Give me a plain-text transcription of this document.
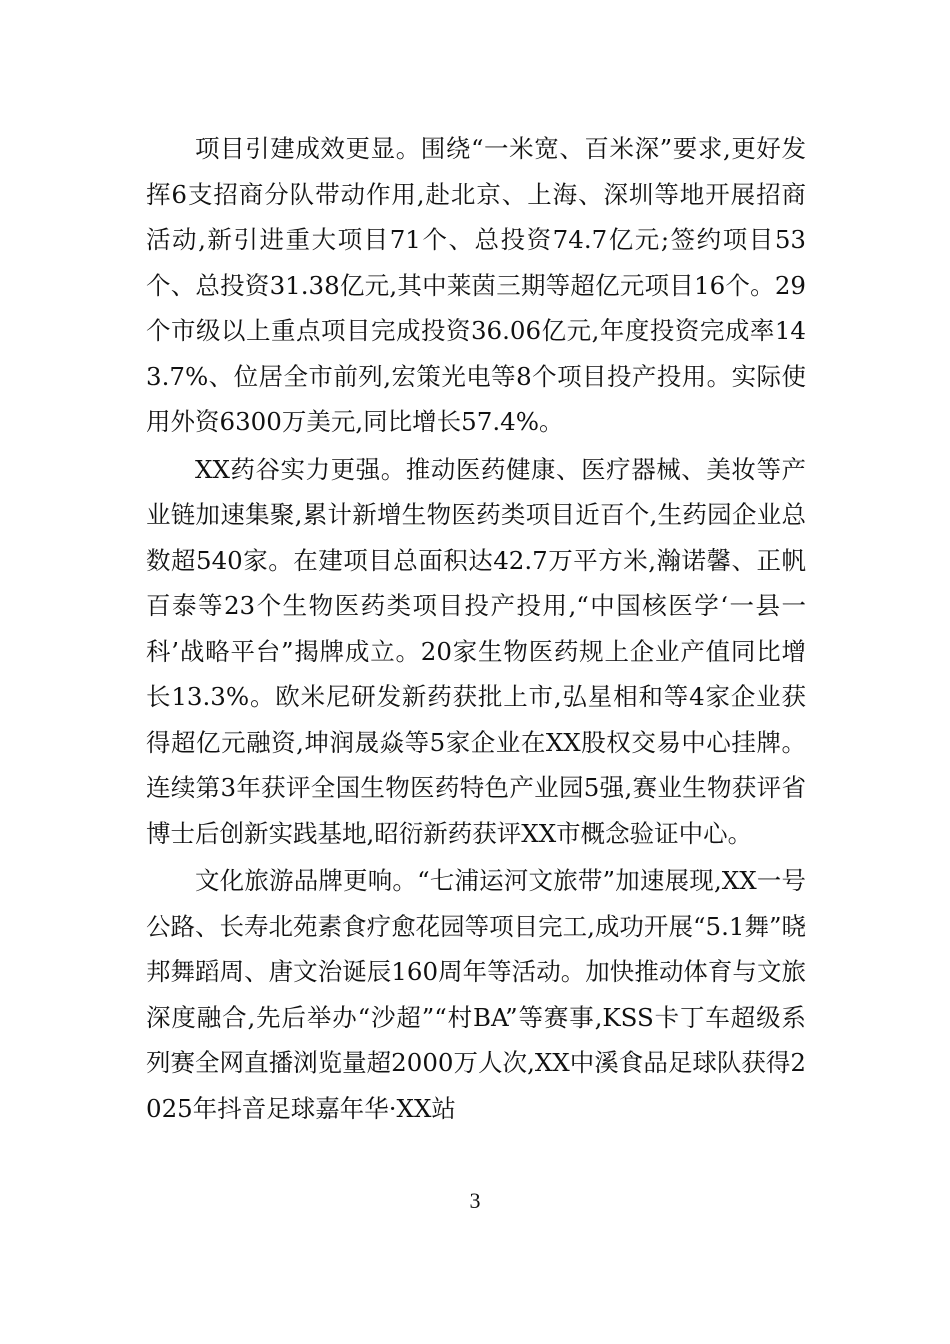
项目引建成效更显。围绕“一米宽、百米深”要求,更好发挥6支招商分队带动作用,赴北京、上海、深圳等地开展招商活动,新引进重大项目71个、总投资74.7亿元;签约项目53个、总投资31.38亿元,其中莱茵三期等超亿元项目16个。29个市级以上重点项目完成投资36.06亿元,年度投资完成率143.7%、位居全市前列,宏策光电等8个项目投产投用。实际使用外资6300万美元,同比增长57.4%。

XX药谷实力更强。推动医药健康、医疗器械、美妆等产业链加速集聚,累计新增生物医药类项目近百个,生药园企业总数超540家。在建项目总面积达42.7万平方米,瀚诺馨、正帆百泰等23个生物医药类项目投产投用,“中国核医学‘一县一科’战略平台”揭牌成立。20家生物医药规上企业产值同比增长13.3%。欧米尼研发新药获批上市,弘星相和等4家企业获得超亿元融资,坤润晟焱等5家企业在XX股权交易中心挂牌。连续第3年获评全国生物医药特色产业园5强,赛业生物获评省博士后创新实践基地,昭衍新药获评XX市概念验证中心。

文化旅游品牌更响。“七浦运河文旅带”加速展现,XX一号公路、长寿北苑素食疗愈花园等项目完工,成功开展“5.1舞”晓邦舞蹈周、唐文治诞辰160周年等活动。加快推动体育与文旅深度融合,先后举办“沙超”“村BA”等赛事,KSS卡丁车超级系列赛全网直播浏览量超2000万人次,XX中溪食品足球队获得2025年抖音足球嘉年华·XX站

3
